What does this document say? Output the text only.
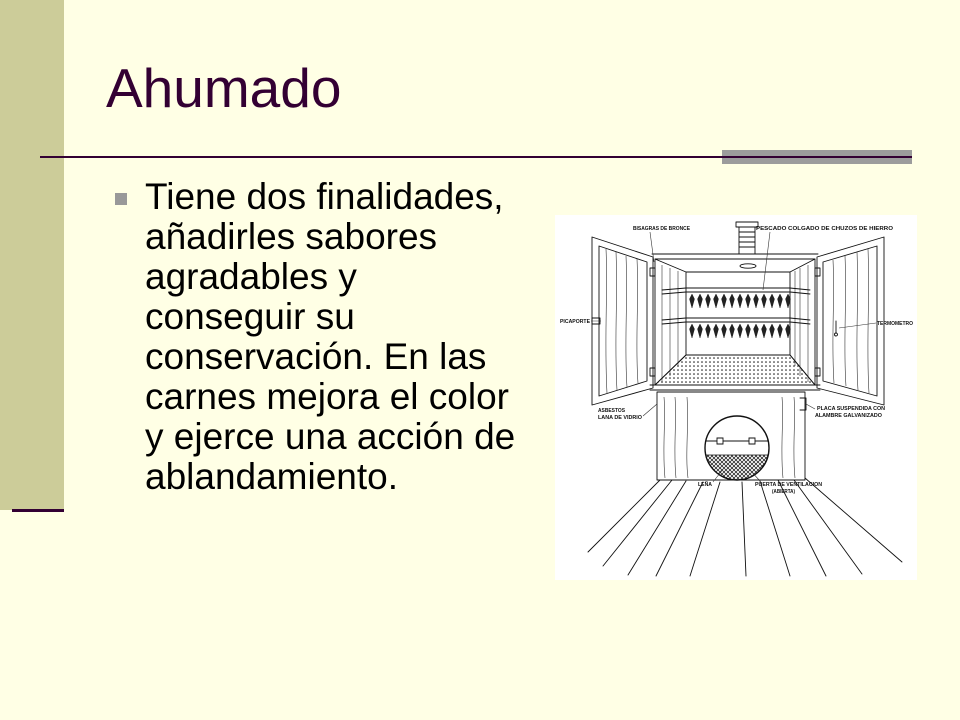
Ahumado

Tiene dos finalidades, añadirles sabores agradables y conseguir su conservación. En las carnes mejora el color y ejerce una acción de ablandamiento.

BISAGRAS DE BRONCE	PESCADO COLGADO DE CHUZOS DE HIERRO
PICAPORTE	TERMOMETRO
ASBESTOS
LANA DE VIDRIO
PLACA SUSPENDIDA CON
ALAMBRE GALVANIZADO
LEÑA	PUERTA DE VENTILACION
(ABIERTA)
